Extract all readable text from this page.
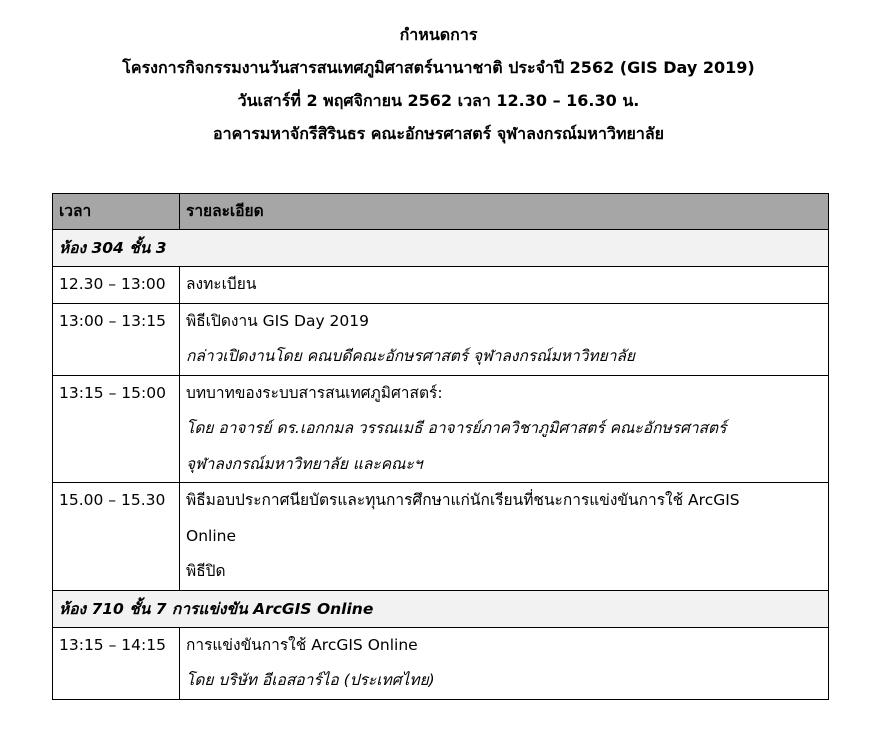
กำหนดการ
โครงการกิจกรรมงานวันสารสนเทศภูมิศาสตร์นานาชาติ ประจำปี 2562 (GIS Day 2019)
วันเสาร์ที่ 2 พฤศจิกายน 2562 เวลา 12.30 – 16.30 น.
อาคารมหาจักรีสิรินธร คณะอักษรศาสตร์ จุฬาลงกรณ์มหาวิทยาลัย
เวลา	รายละเอียด
ห้อง 304 ชั้น 3	

12.30 – 13:00	ลงทะเบียน

13:00 – 13:15	พิธีเปิดงาน GIS Day 2019
กล่าวเปิดงานโดย คณบดีคณะอักษรศาสตร์ จุฬาลงกรณ์มหาวิทยาลัย

13:15 – 15:00	บทบาทของระบบสารสนเทศภูมิศาสตร์:
โดย อาจารย์ ดร.เอกกมล วรรณเมธี อาจารย์ภาควิชาภูมิศาสตร์ คณะอักษรศาสตร์
จุฬาลงกรณ์มหาวิทยาลัย และคณะฯ

15.00 – 15.30	พิธีมอบประกาศนียบัตรและทุนการศึกษาแก่นักเรียนที่ชนะการแข่งขันการใช้ ArcGIS
Online
พิธีปิด

ห้อง 710 ชั้น 7 การแข่งขัน ArcGIS Online	

13:15 – 14:15	การแข่งขันการใช้ ArcGIS Online
โดย บริษัท อีเอสอาร์ไอ (ประเทศไทย)
